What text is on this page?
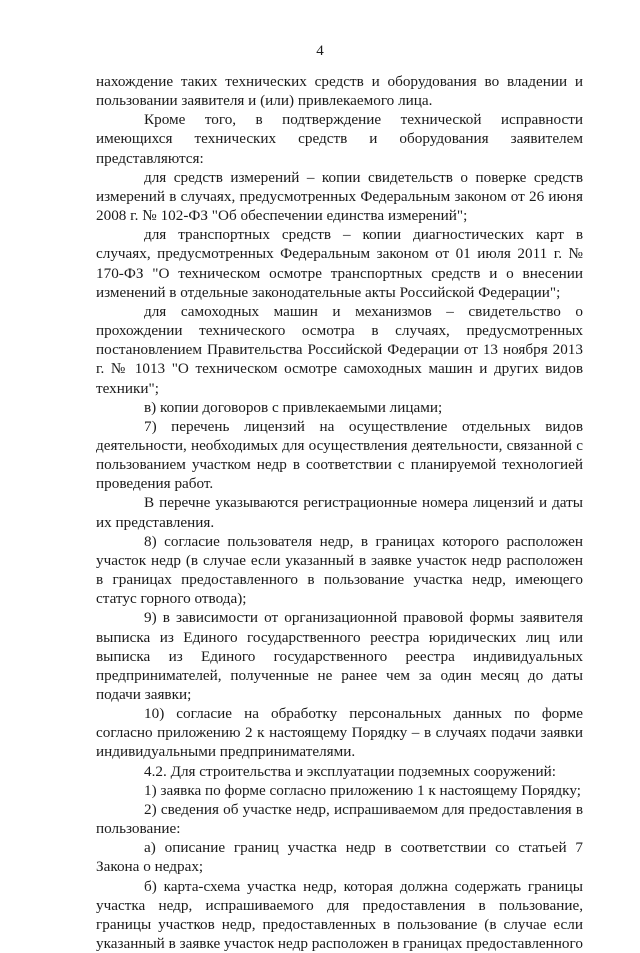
4

нахождение таких технических средств и оборудования во владении и пользовании заявителя и (или) привлекаемого лица.

Кроме того, в подтверждение технической исправности имеющихся технических средств и оборудования заявителем представляются:

для средств измерений – копии свидетельств о поверке средств измерений в случаях, предусмотренных Федеральным законом от 26 июня 2008 г. № 102-ФЗ "Об обеспечении единства измерений";

для транспортных средств – копии диагностических карт в случаях, предусмотренных Федеральным законом от 01 июля 2011 г. № 170-ФЗ "О техническом осмотре транспортных средств и о внесении изменений в отдельные законодательные акты Российской Федерации";

для самоходных машин и механизмов – свидетельство о прохождении технического осмотра в случаях, предусмотренных постановлением Правительства Российской Федерации от 13 ноября 2013 г. № 1013 "О техническом осмотре самоходных машин и других видов техники";

в) копии договоров с привлекаемыми лицами;

7) перечень лицензий на осуществление отдельных видов деятельности, необходимых для осуществления деятельности, связанной с пользованием участком недр в соответствии с планируемой технологией проведения работ.

В перечне указываются регистрационные номера лицензий и даты их представления.

8) согласие пользователя недр, в границах которого расположен участок недр (в случае если указанный в заявке участок недр расположен в границах предоставленного в пользование участка недр, имеющего статус горного отвода);

9) в зависимости от организационной правовой формы заявителя выписка из Единого государственного реестра юридических лиц или выписка из Единого государственного реестра индивидуальных предпринимателей, полученные не ранее чем за один месяц до даты подачи заявки;

10) согласие на обработку персональных данных по форме согласно приложению 2 к настоящему Порядку – в случаях подачи заявки индивидуальными предпринимателями.

4.2. Для строительства и эксплуатации подземных сооружений:

1) заявка по форме согласно приложению 1 к настоящему Порядку;

2) сведения об участке недр, испрашиваемом для предоставления в пользование:

а) описание границ участка недр в соответствии со статьей 7 Закона о недрах;

б) карта-схема участка недр, которая должна содержать границы участка недр, испрашиваемого для предоставления в пользование, границы участков недр, предоставленных в пользование (в случае если указанный в заявке участок недр расположен в границах предоставленного
